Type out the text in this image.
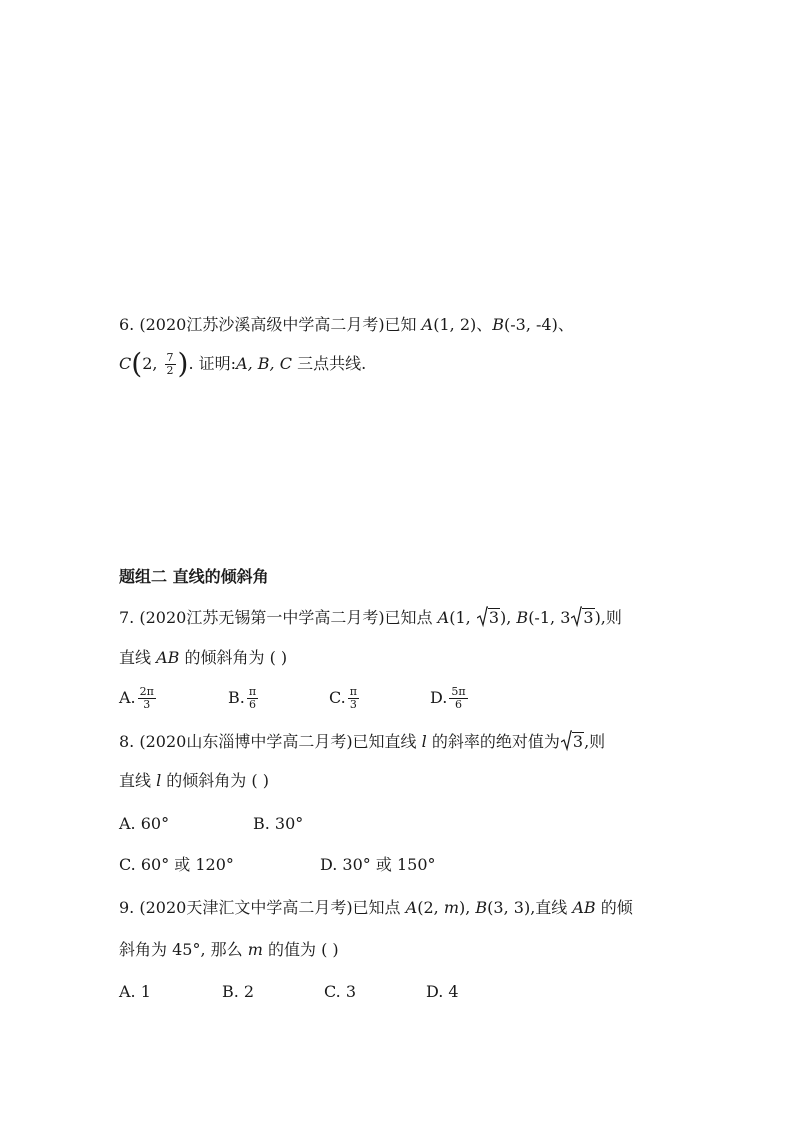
6. (2020江苏沙溪高级中学高二月考)已知 A(1, 2)、B(-3, -4)、
C(2, $\frac{7}{2}$ ). 证明:A, B, C 三点共线.
题组二 直线的倾斜角
7. (2020江苏无锡第一中学高二月考)已知点 A(1,
3), B(-1, 3 3),则
直线 AB 的倾斜角为 ( )
A. $\frac{2\pi}{3}$	B. $\frac{\pi}{6}$	C. $\frac{\pi}{3}$	D. $\frac{5\pi}{6}$
8. (2020山东淄博中学高二月考)已知直线 l 的斜率的绝对值为 3,则
直线 l 的倾斜角为 ( )
A. 60°	B. 30°
C. 60° 或 120°	D. 30° 或 150°
9. (2020天津汇文中学高二月考)已知点 A(2, m), B(3, 3),直线 AB 的倾
斜角为 45°, 那么 m 的值为 ( )
A. 1	B. 2	C. 3	D. 4
